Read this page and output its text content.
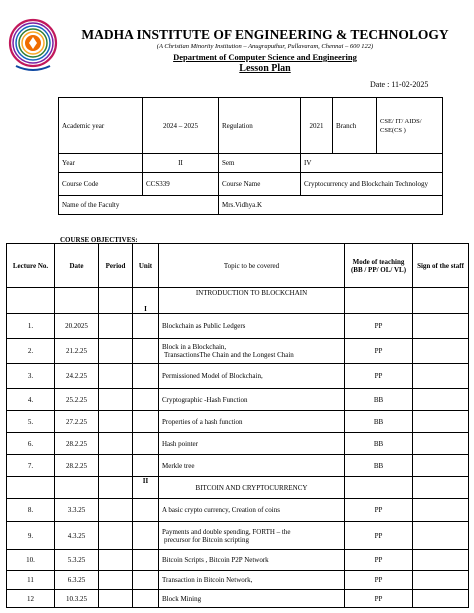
MADHA INSTITUTE OF ENGINEERING & TECHNOLOGY
(A Christian Minority Institution – Anugraputhur, Pullavaram, Chennai – 600 122)
Department of Computer Science and Engineering
Lesson Plan
Date : 11-02-2025
Academic year	2024 – 2025	Regulation	2021	Branch	CSE/ IT/ AIDS/ CSE(CS )
Year	II	Sem	IV		
Course Code	CCS339	Course Name	Cryptocurrency and Blockchain Technology		
Name of the Faculty		Mrs.Vidhya.K			
COURSE OBJECTIVES:
Lecture No.	Date	Period	Unit	Topic to be covered	Mode of teaching (BB / PP/ OL/ VL)	Sign of the staff
			I	INTRODUCTION TO BLOCKCHAIN		
1.	20.2025			Blockchain as Public Ledgers	PP	
2.	21.2.25			Block in a Blockchain,
TransactionsThe Chain and the Longest Chain	PP	
3.	24.2.25			Permissioned Model of Blockchain,	PP	
4.	25.2.25			Cryptographic -Hash Function	BB	
5.	27.2.25			Properties of a hash function	BB	
6.	28.2.25			Hash pointer	BB	
7.	28.2.25			Merkle tree	BB	
			II	BITCOIN AND CRYPTOCURRENCY		
8.	3.3.25			A basic crypto currency, Creation of coins	PP	
9.	4.3.25			Payments and double spending, FORTH – the
precursor for Bitcoin scripting	PP	
10.	5.3.25			Bitcoin Scripts , Bitcoin P2P Network	PP	
11	6.3.25			Transaction in Bitcoin Network,	PP	
12	10.3.25			Block Mining	PP	
